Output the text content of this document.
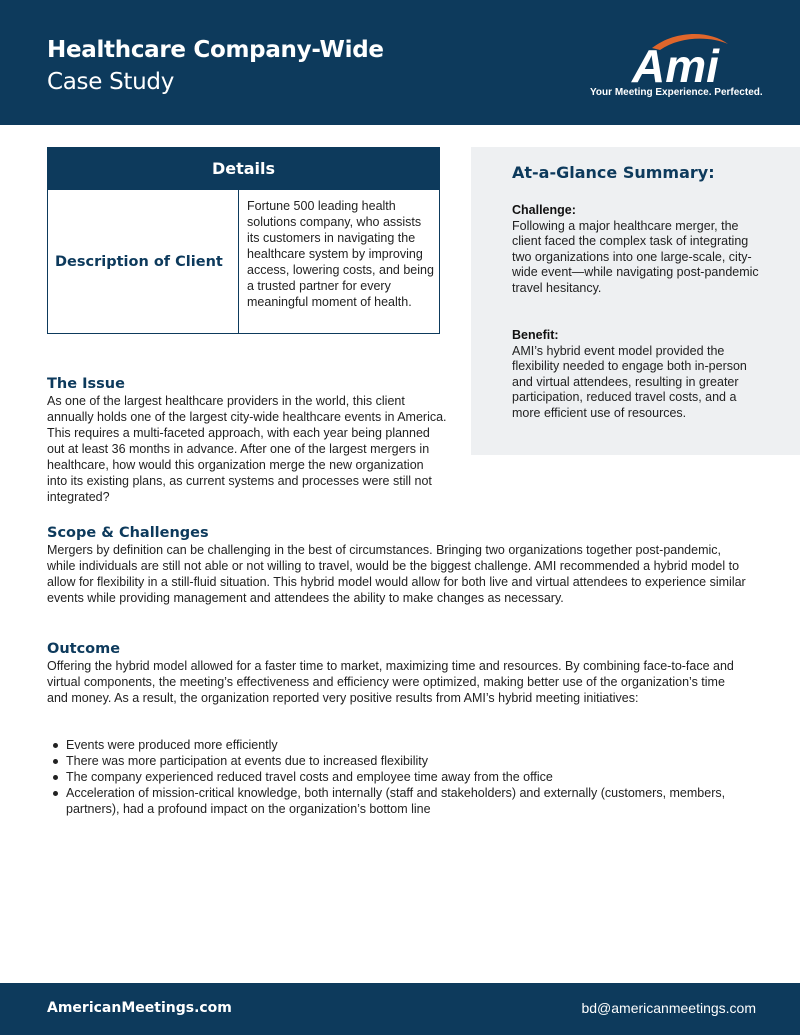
Healthcare Company-Wide
Case Study	Ami
Your Meeting Experience. Perfected.
Details
Description of Client
Fortune 500 leading health solutions company, who assists its customers in navigating the healthcare system by improving access, lowering costs, and being a trusted partner for every meaningful moment of health.
At-a-Glance Summary:
Challenge:
Following a major healthcare merger, the client faced the complex task of integrating two organizations into one large-scale, city-wide event—while navigating post-pandemic travel hesitancy.
Benefit:
AMI’s hybrid event model provided the flexibility needed to engage both in-person and virtual attendees, resulting in greater participation, reduced travel costs, and a more efficient use of resources.
The Issue

As one of the largest healthcare providers in the world, this client annually holds one of the largest city-wide healthcare events in America. This requires a multi-faceted approach, with each year being planned out at least 36 months in advance. After one of the largest mergers in healthcare, how would this organization merge the new organization into its existing plans, as current systems and processes were still not integrated?

Scope & Challenges

Mergers by definition can be challenging in the best of circumstances. Bringing two organizations together post-pandemic, while individuals are still not able or not willing to travel, would be the biggest challenge. AMI recommended a hybrid model to allow for flexibility in a still-fluid situation. This hybrid model would allow for both live and virtual attendees to experience similar events while providing management and attendees the ability to make changes as necessary.

Outcome

Offering the hybrid model allowed for a faster time to market, maximizing time and resources. By combining face-to-face and virtual components, the meeting’s effectiveness and efficiency were optimized, making better use of the organization’s time and money. As a result, the organization reported very positive results from AMI’s hybrid meeting initiatives:

Events were produced more efficiently
There was more participation at events due to increased flexibility
The company experienced reduced travel costs and employee time away from the office
Acceleration of mission-critical knowledge, both internally (staff and stakeholders) and externally (customers, members, partners), had a profound impact on the organization’s bottom line
AmericanMeetings.com	bd@americanmeetings.com
